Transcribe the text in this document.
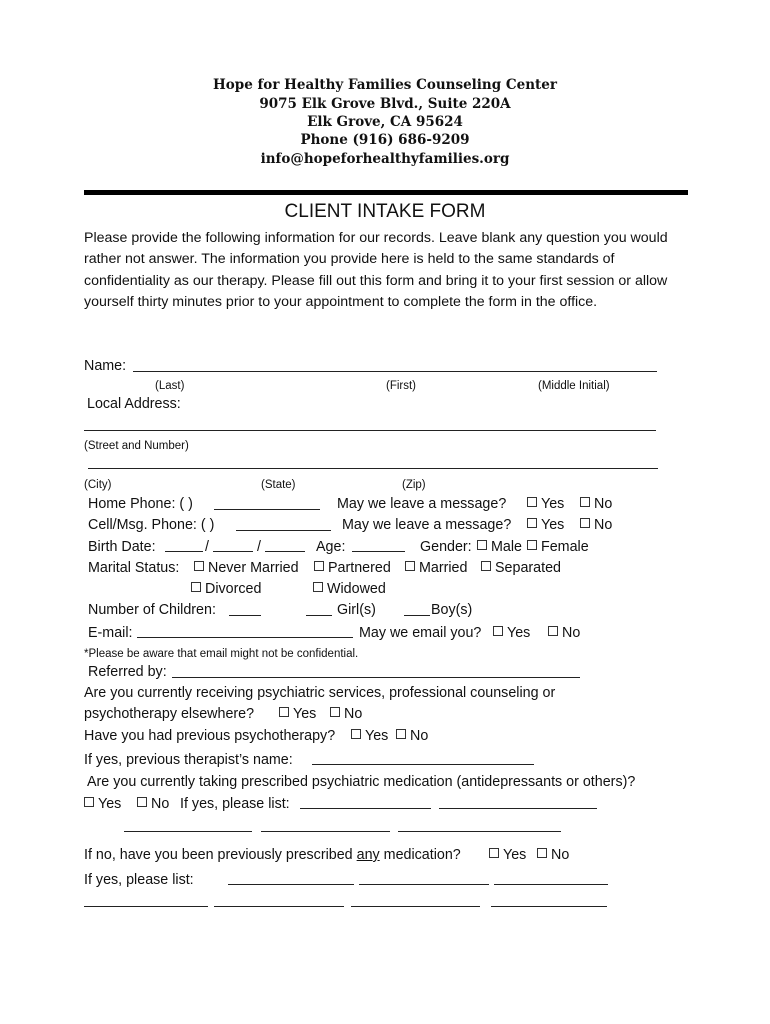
Hope for Healthy Families Counseling Center
9075 Elk Grove Blvd., Suite 220A
Elk Grove, CA 95624
Phone (916) 686-9209
info@hopeforhealthyfamilies.org
CLIENT INTAKE FORM
Please provide the following information for our records. Leave blank any question you would rather not answer. The information you provide here is held to the same standards of confidentiality as our therapy. Please fill out this form and bring it to your first session or allow yourself thirty minutes prior to your appointment to complete the form in the office.
Name:
(Last)	(First)	(Middle Initial)
Local Address:
(Street and Number)
(City)	(State)	(Zip)
Home Phone: ( )	May we leave a message?	Yes	No
Cell/Msg. Phone: ( )	May we leave a message?	Yes	No
Birth Date:	/	/	Age:	Gender:	Male	Female
Marital Status:	Never Married	Partnered	Married	Separated
Divorced	Widowed
Number of Children:	Girl(s)	Boy(s)
E-mail:	May we email you?	Yes	No
*Please be aware that email might not be confidential.
Referred by:
Are you currently receiving psychiatric services, professional counseling or
psychotherapy elsewhere?	Yes	No
Have you had previous psychotherapy?	Yes	No
If yes, previous therapist’s name:
Are you currently taking prescribed psychiatric medication (antidepressants or others)?
Yes	No If yes, please list:
If no, have you been previously prescribed any medication?	Yes	No
If yes, please list:
